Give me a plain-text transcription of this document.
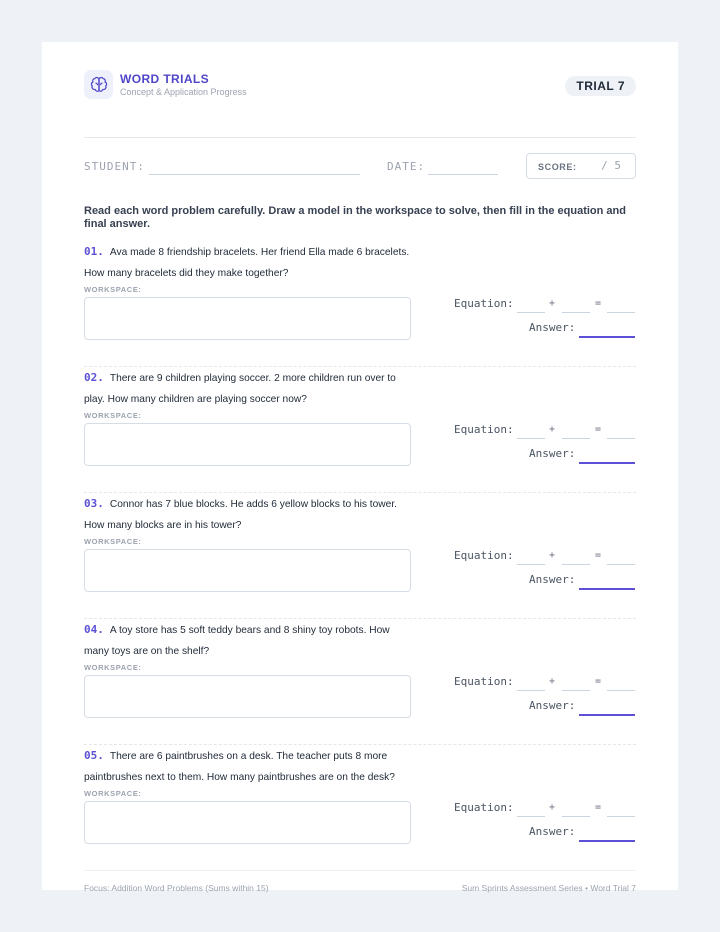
WORD TRIALS
Concept & Application Progress	TRIAL 7
STUDENT:	DATE:	SCORE: / 5
Read each word problem carefully. Draw a model in the workspace to solve, then fill in the equation and final answer.
01. Ava made 8 friendship bracelets. Her friend Ella made 6 bracelets. How many bracelets did they make together?
WORKSPACE:
Equation:	+	=
Answer:
02. There are 9 children playing soccer. 2 more children run over to play. How many children are playing soccer now?
WORKSPACE:
Equation:	+	=
Answer:
03. Connor has 7 blue blocks. He adds 6 yellow blocks to his tower. How many blocks are in his tower?
WORKSPACE:
Equation:	+	=
Answer:
04. A toy store has 5 soft teddy bears and 8 shiny toy robots. How many toys are on the shelf?
WORKSPACE:
Equation:	+	=
Answer:
05. There are 6 paintbrushes on a desk. The teacher puts 8 more paintbrushes next to them. How many paintbrushes are on the desk?
WORKSPACE:
Equation:	+	=
Answer:
Focus: Addition Word Problems (Sums within 15)	Sum Sprints Assessment Series • Word Trial 7
